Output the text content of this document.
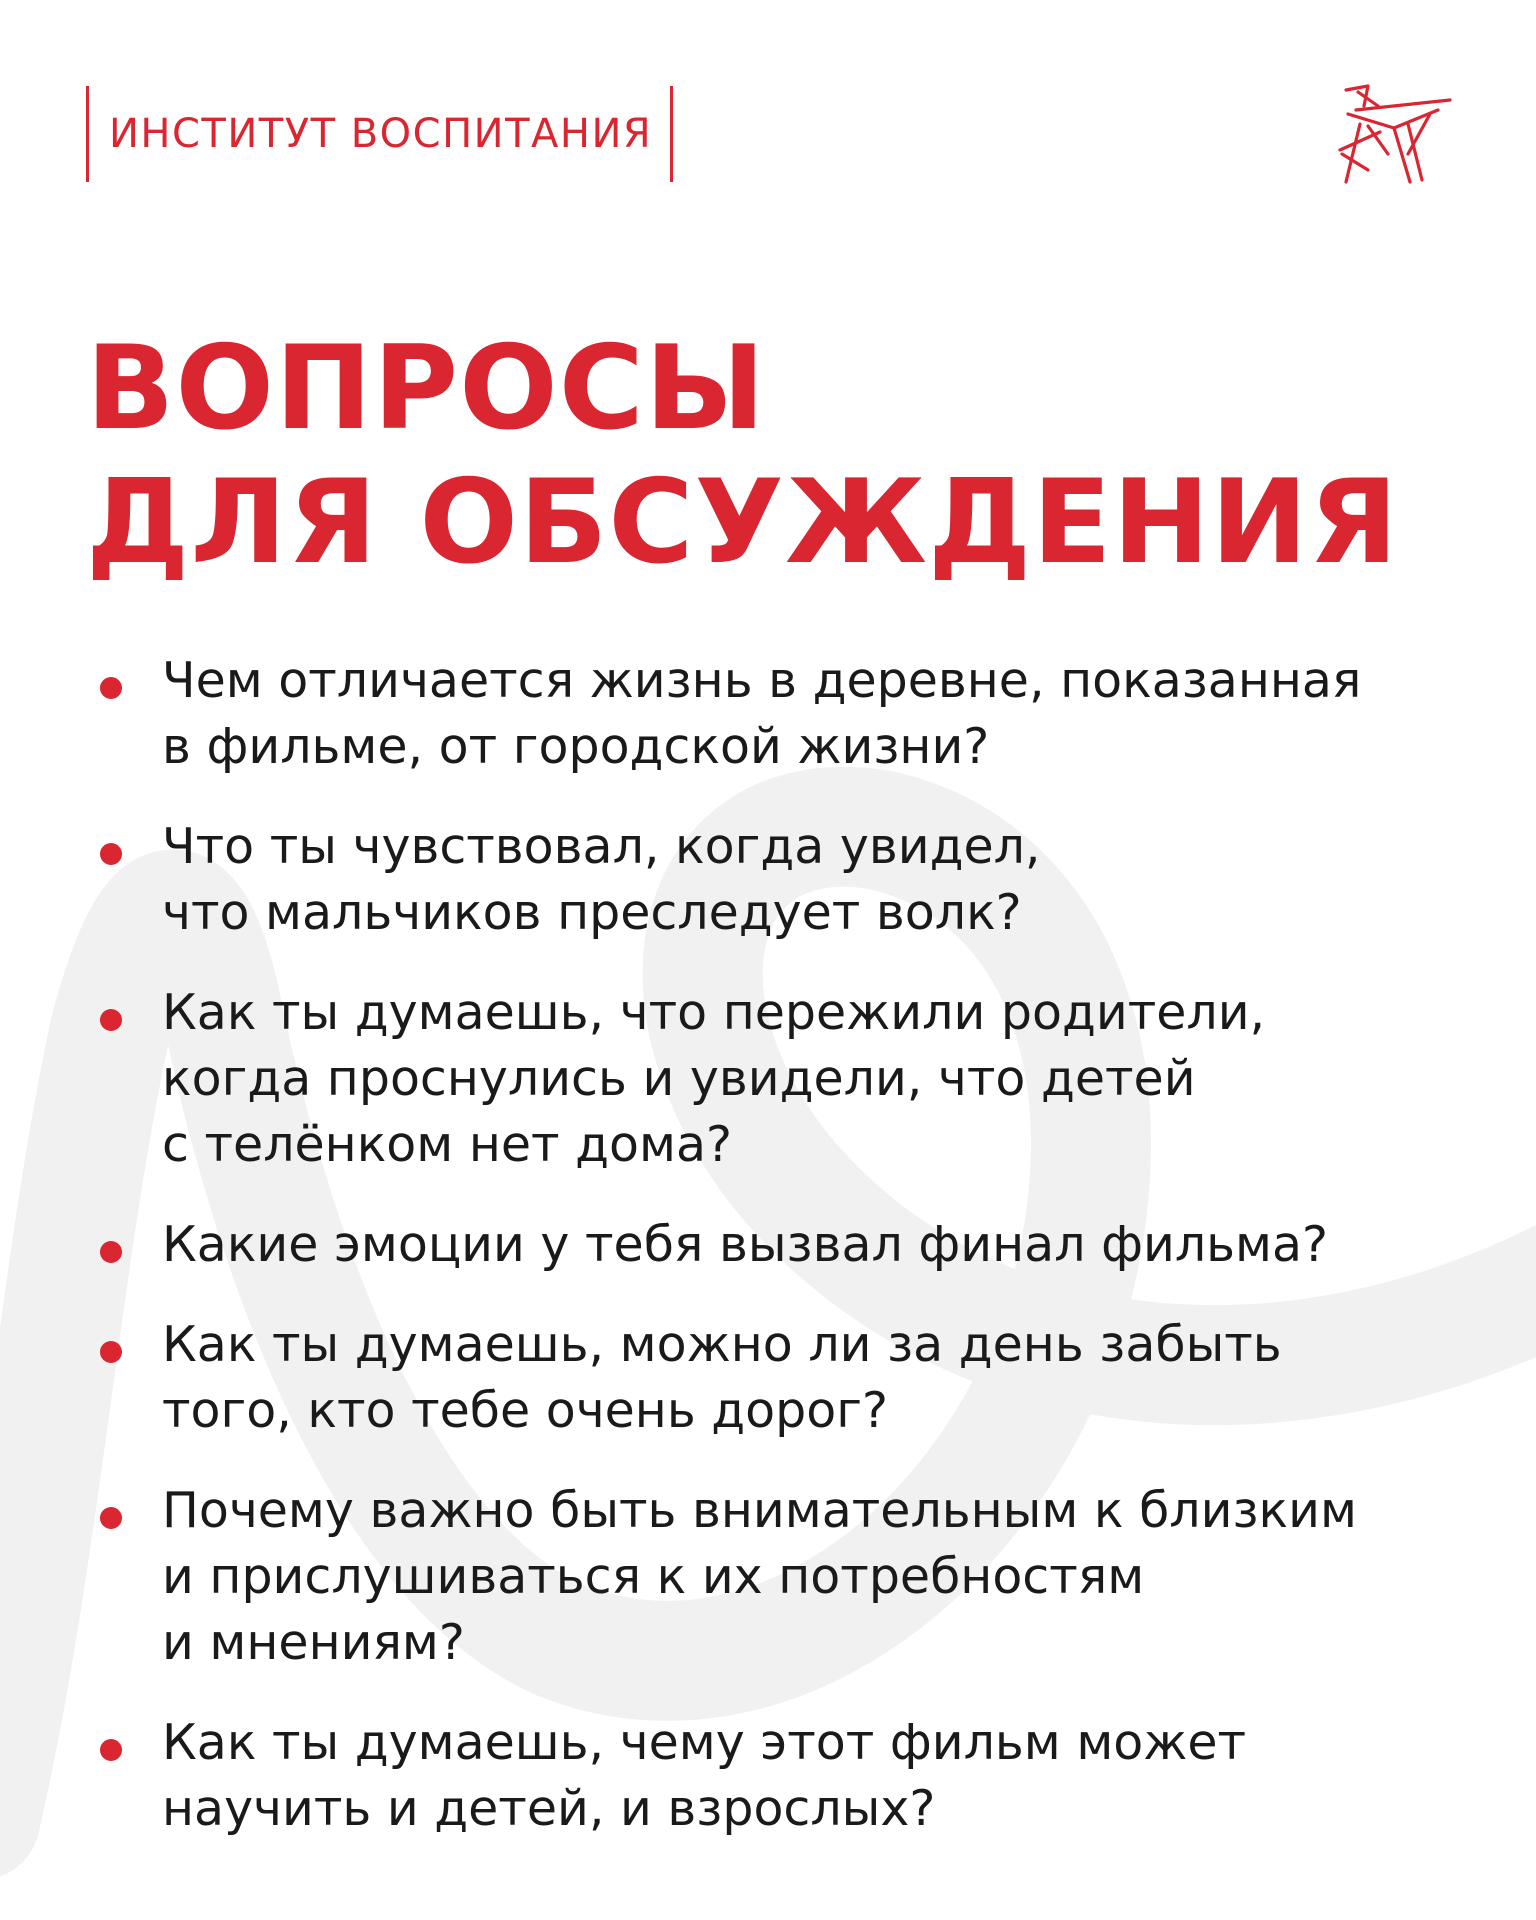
ИНСТИТУТ ВОСПИТАНИЯ
ВОПРОСЫ
ДЛЯ ОБСУЖДЕНИЯ
Чем отличается жизнь в деревне, показанная
в фильме, от городской жизни?
Что ты чувствовал, когда увидел,
что мальчиков преследует волк?
Как ты думаешь, что пережили родители,
когда проснулись и увидели, что детей
с телёнком нет дома?
Какие эмоции у тебя вызвал финал фильма?
Как ты думаешь, можно ли за день забыть
того, кто тебе очень дорог?
Почему важно быть внимательным к близким
и прислушиваться к их потребностям
и мнениям?
Как ты думаешь, чему этот фильм может
научить и детей, и взрослых?
